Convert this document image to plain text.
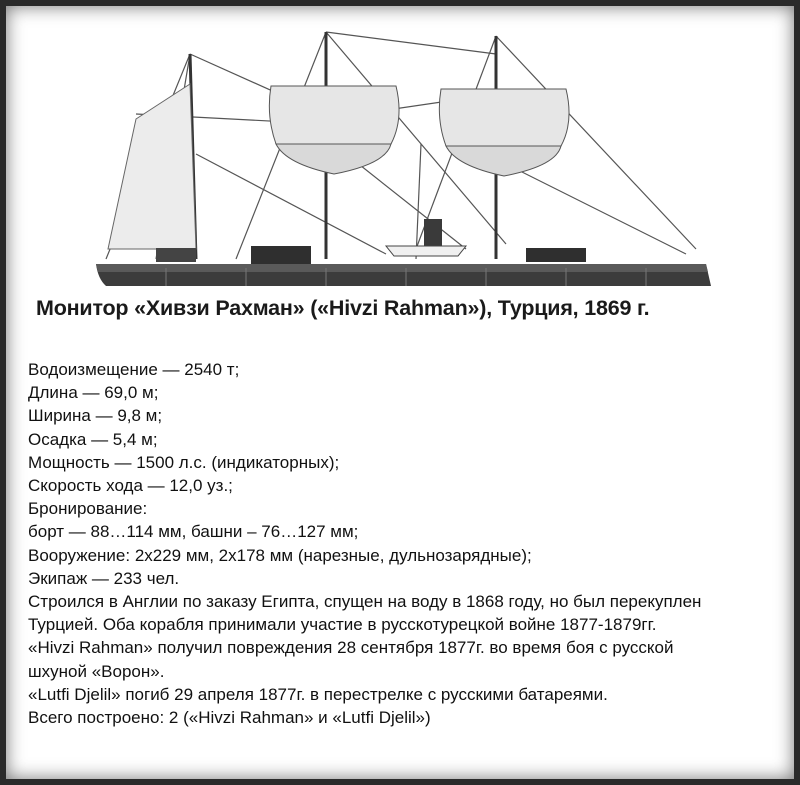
Монитор «Хивзи Рахман» («Hivzi Rahman»), Турция, 1869 г.
Водоизмещение — 2540 т;
Длина — 69,0 м;
Ширина — 9,8 м;
Осадка — 5,4 м;
Мощность — 1500 л.с. (индикаторных);
Скорость хода — 12,0 уз.;
Бронирование:
борт — 88…114 мм, башни – 76…127 мм;
Вооружение: 2х229 мм, 2х178 мм (нарезные, дульнозарядные);
Экипаж — 233 чел.
Строился в Англии по заказу Египта, спущен на воду в 1868 году, но был перекуплен
Турцией. Оба корабля принимали участие в русскотурецкой войне 1877-1879гг.
«Hivzi Rahman» получил повреждения 28 сентября 1877г. во время боя с русской
шхуной «Ворон».
«Lutfi Djelil» погиб 29 апреля 1877г. в перестрелке с русскими батареями.
Всего построено: 2 («Hivzi Rahman» и «Lutfi Djelil»)
